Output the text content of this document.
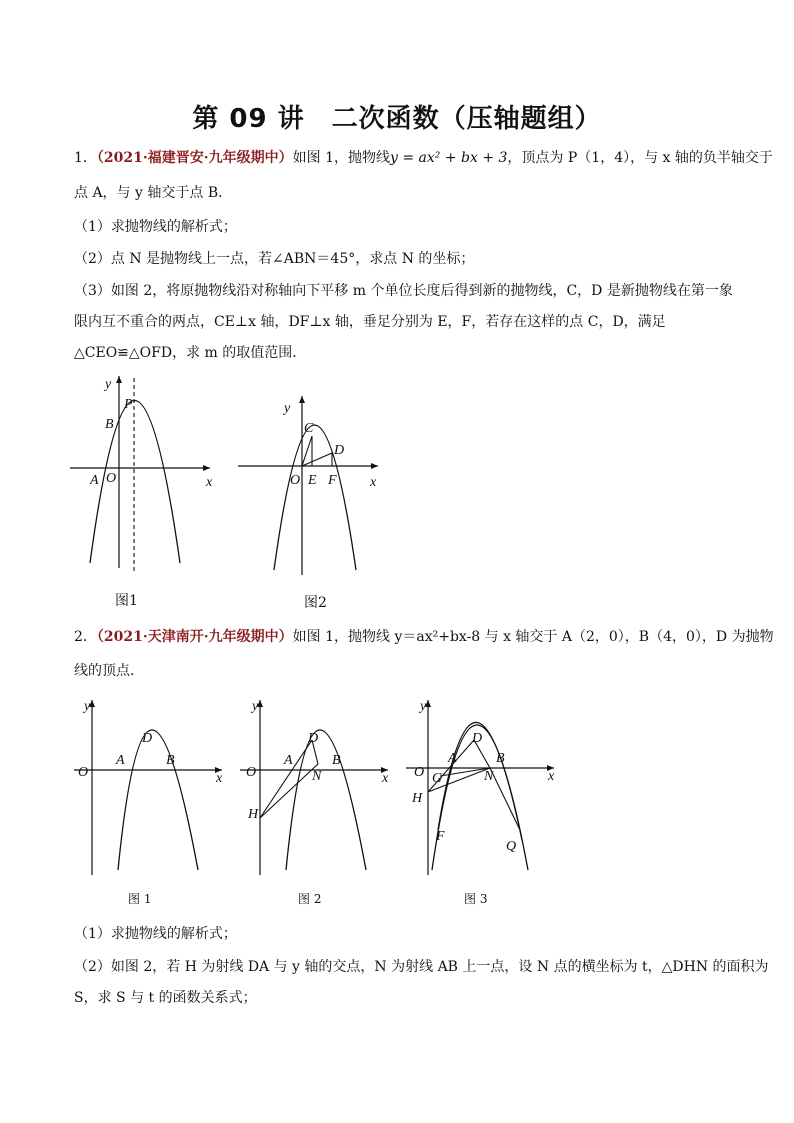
第 09 讲　二次函数（压轴题组）
1．（2021·福建晋安·九年级期中）如图 1，抛物线y = ax² + bx + 3，顶点为 P（1，4），与 x 轴的负半轴交于
点 A，与 y 轴交于点 B．
（1）求抛物线的解析式；
（2）点 N 是抛物线上一点，若∠ABN＝45°，求点 N 的坐标；
（3）如图 2，将原抛物线沿对称轴向下平移 m 个单位长度后得到新的抛物线，C，D 是新抛物线在第一象
限内互不重合的两点，CE⊥x 轴，DF⊥x 轴，垂足分别为 E，F，若存在这样的点 C，D，满足
△CEO≌△OFD，求 m 的取值范围．
y
x
P
B
A O
图1
y
x
C
D
O E F
图2
2．（2021·天津南开·九年级期中）如图 1，抛物线 y＝ax²+bx-8 与 x 轴交于 A（2，0），B（4，0），D 为抛物
线的顶点．
y
x
O
A	B
D
图 1
y
x
O
A	B
D
N
H
图 2
y
x
O
A	B
D
N
H
G
F
Q
图 3
（1）求抛物线的解析式；
（2）如图 2，若 H 为射线 DA 与 y 轴的交点，N 为射线 AB 上一点，设 N 点的横坐标为 t，△DHN 的面积为
S，求 S 与 t 的函数关系式；
